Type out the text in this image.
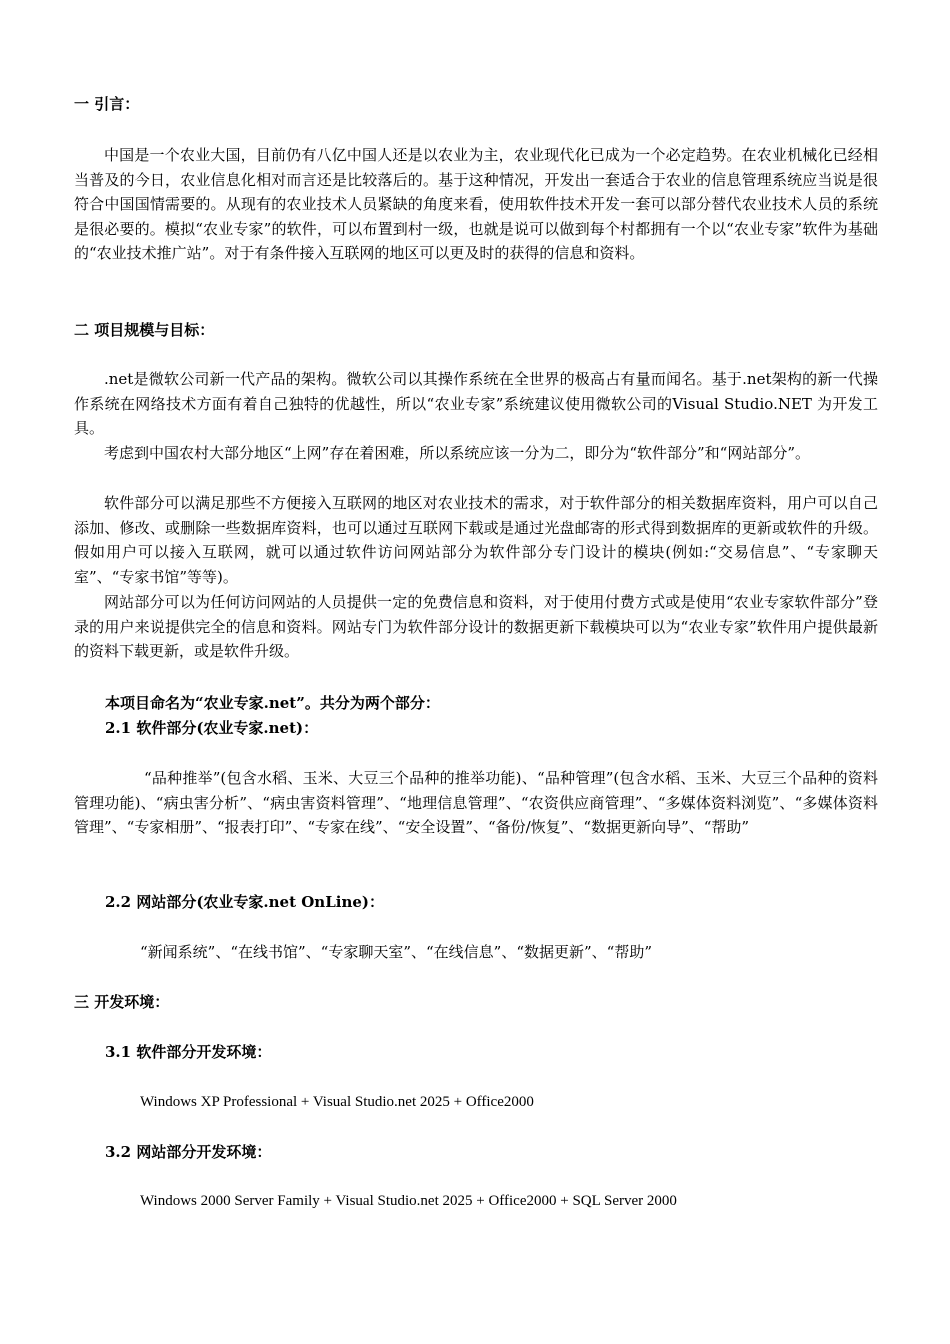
一 引言：
中国是一个农业大国，目前仍有八亿中国人还是以农业为主，农业现代化已成为一个必定趋势。在农业机械化已经相当普及的今日，农业信息化相对而言还是比较落后的。基于这种情况，开发出一套适合于农业的信息管理系统应当说是很符合中国国情需要的。从现有的农业技术人员紧缺的角度来看，使用软件技术开发一套可以部分替代农业技术人员的系统是很必要的。模拟“农业专家”的软件，可以布置到村一级，也就是说可以做到每个村都拥有一个以“农业专家”软件为基础的“农业技术推广站”。对于有条件接入互联网的地区可以更及时的获得的信息和资料。
二 项目规模与目标：
.net是微软公司新一代产品的架构。微软公司以其操作系统在全世界的极高占有量而闻名。基于.net架构的新一代操作系统在网络技术方面有着自己独特的优越性，所以“农业专家”系统建议使用微软公司的Visual Studio.NET 为开发工具。
考虑到中国农村大部分地区“上网”存在着困难，所以系统应该一分为二，即分为“软件部分”和“网站部分”。
软件部分可以满足那些不方便接入互联网的地区对农业技术的需求，对于软件部分的相关数据库资料，用户可以自己添加、修改、或删除一些数据库资料，也可以通过互联网下载或是通过光盘邮寄的形式得到数据库的更新或软件的升级。假如用户可以接入互联网，就可以通过软件访问网站部分为软件部分专门设计的模块(例如:“交易信息”、“专家聊天室”、“专家书馆”等等)。
网站部分可以为任何访问网站的人员提供一定的免费信息和资料，对于使用付费方式或是使用“农业专家软件部分”登录的用户来说提供完全的信息和资料。网站专门为软件部分设计的数据更新下载模块可以为“农业专家”软件用户提供最新的资料下载更新，或是软件升级。
本项目命名为“农业专家.net”。共分为两个部分：
2.1 软件部分(农业专家.net)：
“品种推举”(包含水稻、玉米、大豆三个品种的推举功能)、“品种管理”(包含水稻、玉米、大豆三个品种的资料管理功能)、“病虫害分析”、“病虫害资料管理”、“地理信息管理”、“农资供应商管理”、“多媒体资料浏览”、“多媒体资料管理”、“专家相册”、“报表打印”、“专家在线”、“安全设置”、“备份/恢复”、“数据更新向导”、“帮助”
2.2 网站部分(农业专家.net OnLine)：
“新闻系统”、“在线书馆”、“专家聊天室”、“在线信息”、“数据更新”、“帮助”
三 开发环境：
3.1 软件部分开发环境：
Windows XP Professional + Visual Studio.net 2025 + Office2000
3.2 网站部分开发环境：
Windows 2000 Server Family + Visual Studio.net 2025 + Office2000 + SQL Server 2000
